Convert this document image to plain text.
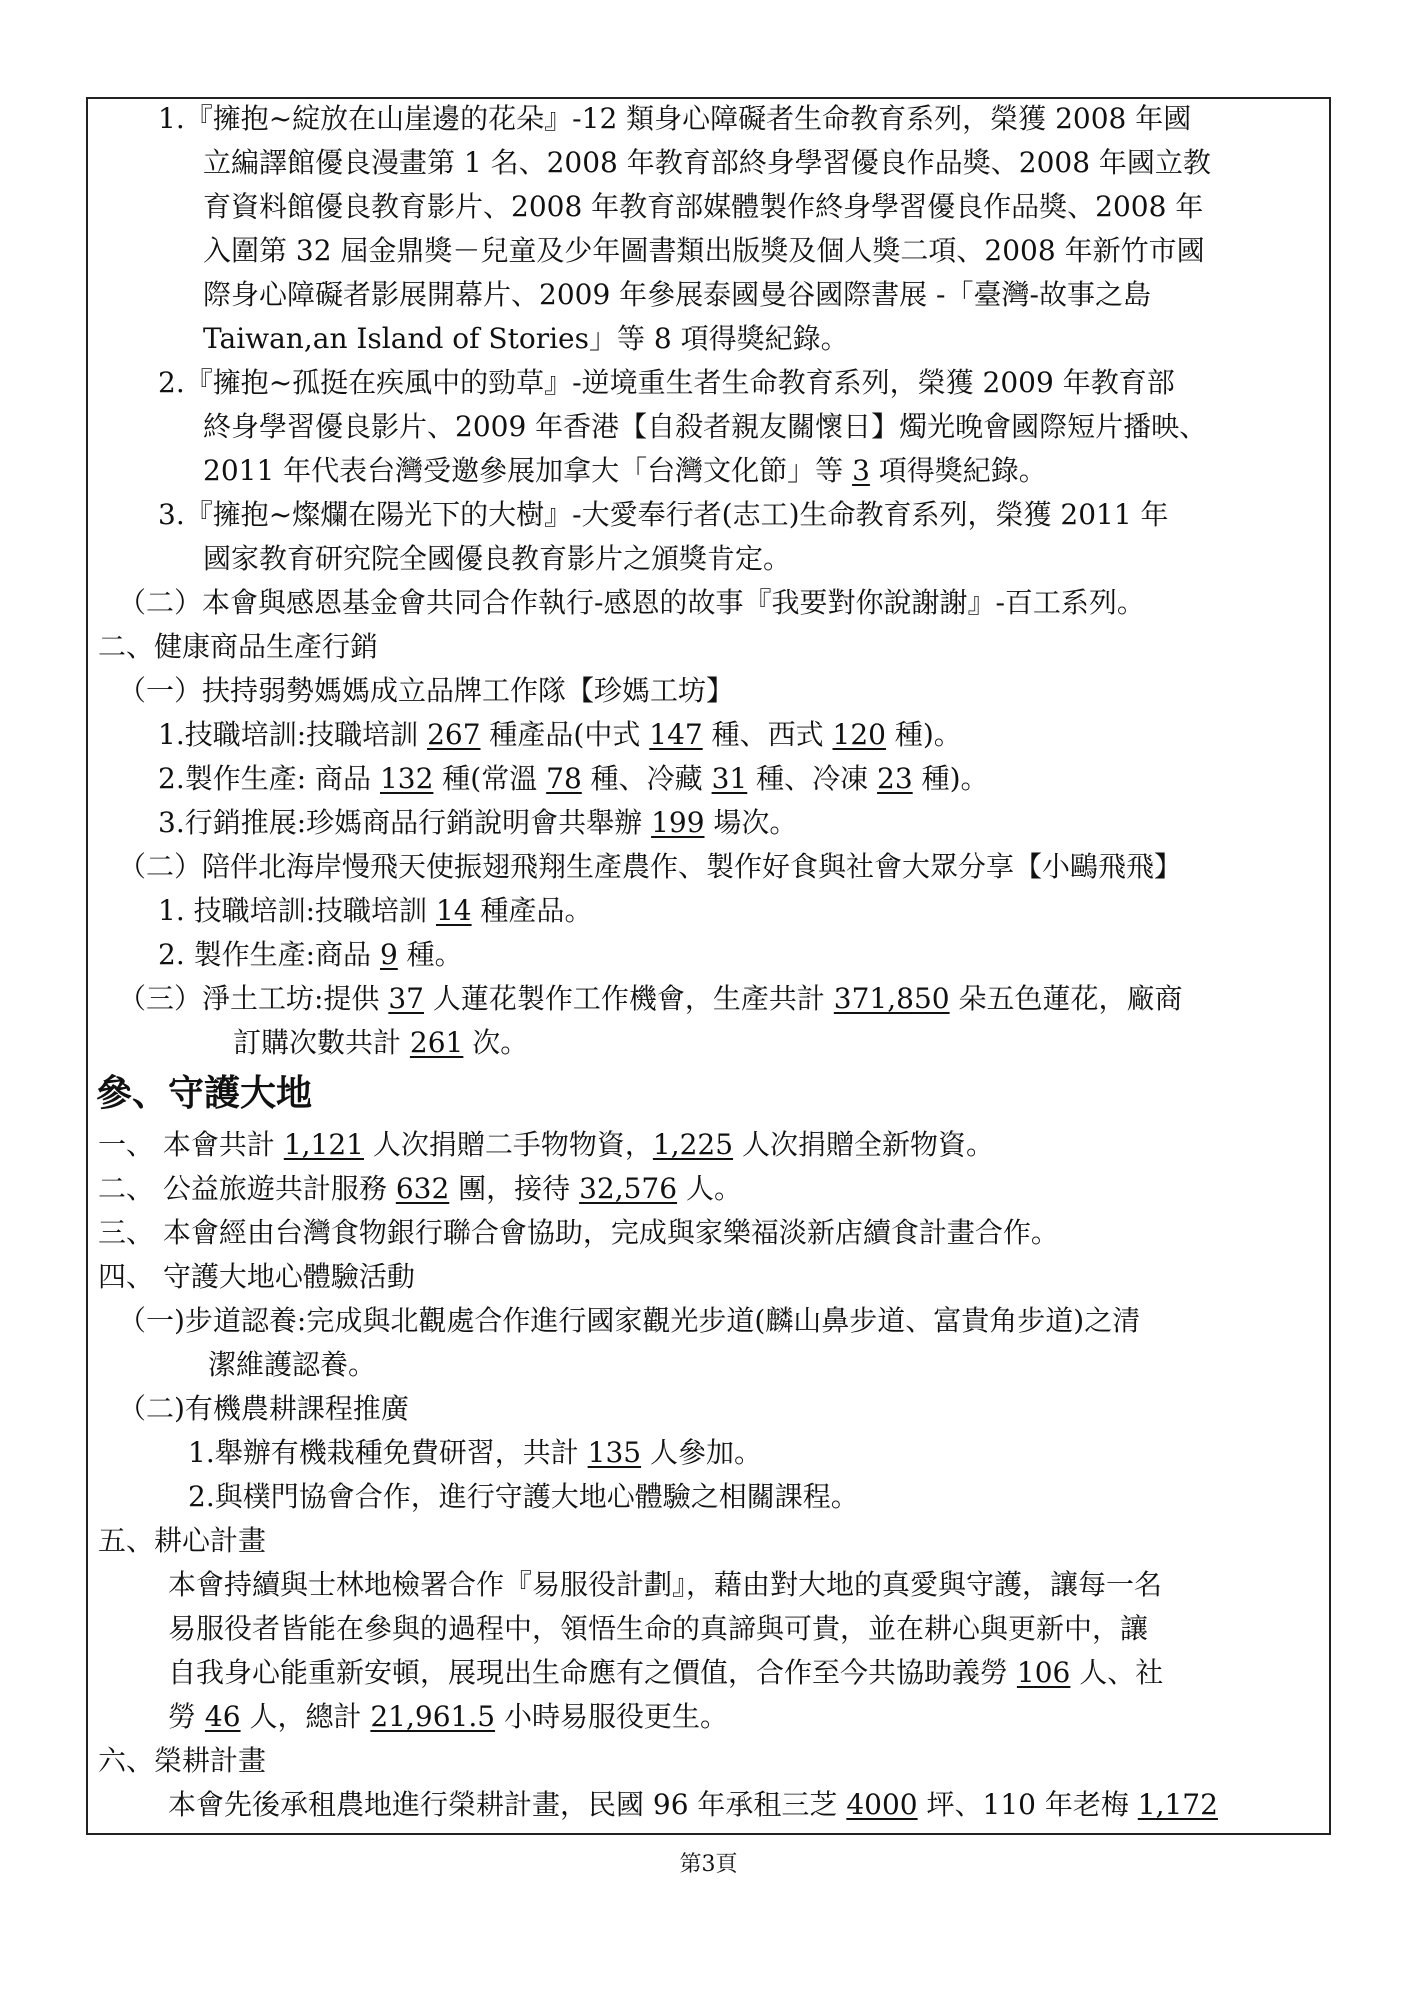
1.『擁抱~綻放在山崖邊的花朵』-12 類身心障礙者生命教育系列，榮獲 2008 年國
立編譯館優良漫畫第 1 名、2008 年教育部終身學習優良作品獎、2008 年國立教
育資料館優良教育影片、2008 年教育部媒體製作終身學習優良作品獎、2008 年
入圍第 32 屆金鼎獎－兒童及少年圖書類出版獎及個人獎二項、2008 年新竹市國
際身心障礙者影展開幕片、2009 年參展泰國曼谷國際書展 -「臺灣-故事之島
Taiwan,an Island of Stories」等 8 項得獎紀錄。
2.『擁抱~孤挺在疾風中的勁草』-逆境重生者生命教育系列，榮獲 2009 年教育部
終身學習優良影片、2009 年香港【自殺者親友關懷日】燭光晚會國際短片播映、
2011 年代表台灣受邀參展加拿大「台灣文化節」等 3 項得獎紀錄。
3.『擁抱~燦爛在陽光下的大樹』-大愛奉行者(志工)生命教育系列，榮獲 2011 年
國家教育研究院全國優良教育影片之頒獎肯定。
（二）本會與感恩基金會共同合作執行-感恩的故事『我要對你說謝謝』-百工系列。
二、健康商品生產行銷
（一）扶持弱勢媽媽成立品牌工作隊【珍媽工坊】
1.技職培訓:技職培訓 267 種產品(中式 147 種、西式 120 種)。
2.製作生產: 商品 132 種(常溫 78 種、冷藏 31 種、冷凍 23 種)。
3.行銷推展:珍媽商品行銷說明會共舉辦 199 場次。
（二）陪伴北海岸慢飛天使振翅飛翔生產農作、製作好食與社會大眾分享【小鷗飛飛】
1. 技職培訓:技職培訓 14 種產品。
2. 製作生產:商品 9 種。
（三）淨土工坊:提供 37 人蓮花製作工作機會，生產共計 371,850 朵五色蓮花，廠商
訂購次數共計 261 次。
參、守護大地
一、 本會共計 1,121 人次捐贈二手物物資，1,225 人次捐贈全新物資。
二、 公益旅遊共計服務 632 團，接待 32,576 人。
三、 本會經由台灣食物銀行聯合會協助，完成與家樂福淡新店續食計畫合作。
四、 守護大地心體驗活動
（一)步道認養:完成與北觀處合作進行國家觀光步道(麟山鼻步道、富貴角步道)之清
潔維護認養。
（二)有機農耕課程推廣
1.舉辦有機栽種免費研習，共計 135 人參加。
2.與樸門協會合作，進行守護大地心體驗之相關課程。
五、耕心計畫
本會持續與士林地檢署合作『易服役計劃』，藉由對大地的真愛與守護，讓每一名
易服役者皆能在參與的過程中，領悟生命的真諦與可貴，並在耕心與更新中，讓
自我身心能重新安頓，展現出生命應有之價值，合作至今共協助義勞 106 人、社
勞 46 人，總計 21,961.5 小時易服役更生。
六、榮耕計畫
本會先後承租農地進行榮耕計畫，民國 96 年承租三芝 4000 坪、110 年老梅 1,172
第3頁
